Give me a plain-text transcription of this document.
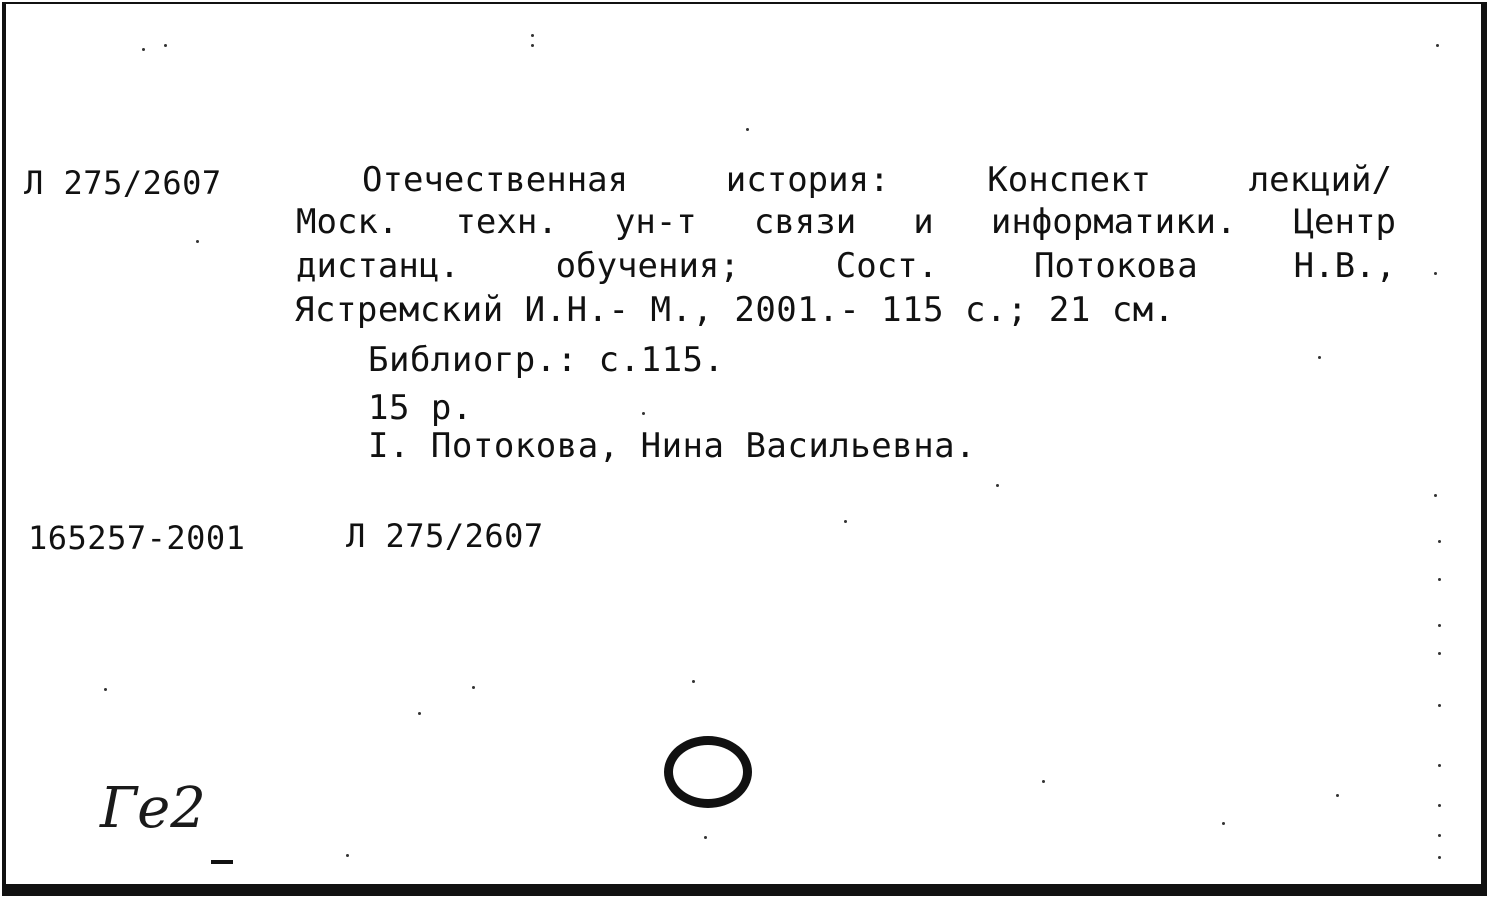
Л 275/2607	Отечественная	история:	Конспект	лекций/
Моск. техн. ун-т связи и информатики. Центр
дистанц.	обучения;	Сост.	Потокова	Н.В.,
Ястремский И.Н.- М., 2001.- 115 с.; 21 см.
Библиогр.: с.115.
15 р.
I. Потокова, Нина Васильевна.
165257-2001	Л 275/2607
Ге2
